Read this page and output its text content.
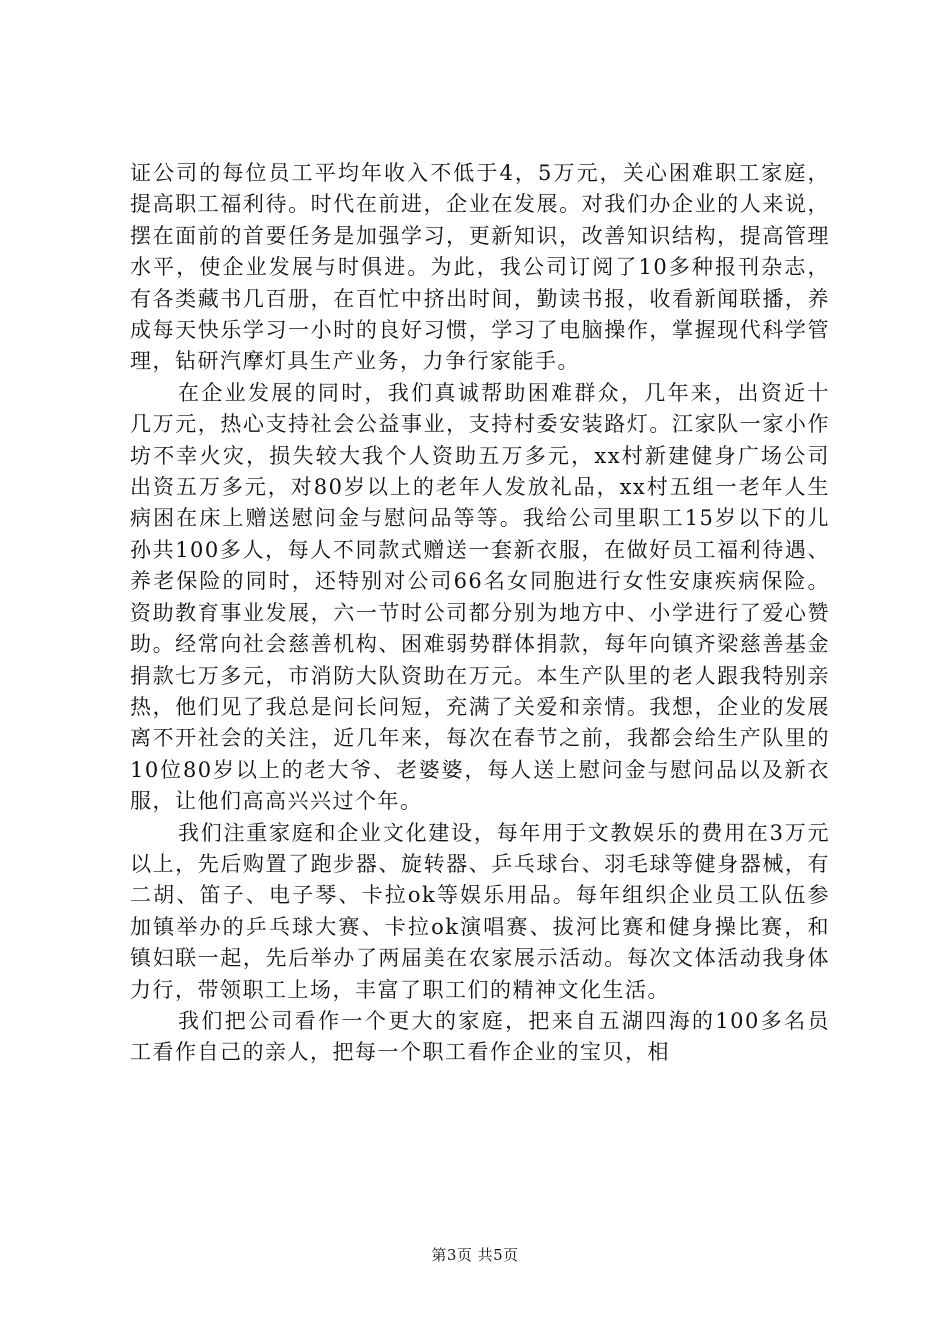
证公司的每位员工平均年收入不低于4，5万元，关心困难职工家庭，提高职工福利待。时代在前进，企业在发展。对我们办企业的人来说，摆在面前的首要任务是加强学习，更新知识，改善知识结构，提高管理水平，使企业发展与时俱进。为此，我公司订阅了10多种报刊杂志，有各类藏书几百册，在百忙中挤出时间，勤读书报，收看新闻联播，养成每天快乐学习一小时的良好习惯，学习了电脑操作，掌握现代科学管理，钻研汽摩灯具生产业务，力争行家能手。

在企业发展的同时，我们真诚帮助困难群众，几年来，出资近十几万元，热心支持社会公益事业，支持村委安装路灯。江家队一家小作坊不幸火灾，损失较大我个人资助五万多元，xx村新建健身广场公司出资五万多元，对80岁以上的老年人发放礼品，xx村五组一老年人生病困在床上赠送慰问金与慰问品等等。我给公司里职工15岁以下的儿孙共100多人，每人不同款式赠送一套新衣服，在做好员工福利待遇、养老保险的同时，还特别对公司66名女同胞进行女性安康疾病保险。资助教育事业发展，六一节时公司都分别为地方中、小学进行了爱心赞助。经常向社会慈善机构、困难弱势群体捐款，每年向镇齐梁慈善基金捐款七万多元，市消防大队资助在万元。本生产队里的老人跟我特别亲热，他们见了我总是问长问短，充满了关爱和亲情。我想，企业的发展离不开社会的关注，近几年来，每次在春节之前，我都会给生产队里的10位80岁以上的老大爷、老婆婆，每人送上慰问金与慰问品以及新衣服，让他们高高兴兴过个年。

我们注重家庭和企业文化建设，每年用于文教娱乐的费用在3万元以上，先后购置了跑步器、旋转器、乒乓球台、羽毛球等健身器械，有二胡、笛子、电子琴、卡拉ok等娱乐用品。每年组织企业员工队伍参加镇举办的乒乓球大赛、卡拉ok演唱赛、拔河比赛和健身操比赛，和镇妇联一起，先后举办了两届美在农家展示活动。每次文体活动我身体力行，带领职工上场，丰富了职工们的精神文化生活。

我们把公司看作一个更大的家庭，把来自五湖四海的100多名员工看作自己的亲人，把每一个职工看作企业的宝贝，相

第3页 共5页
